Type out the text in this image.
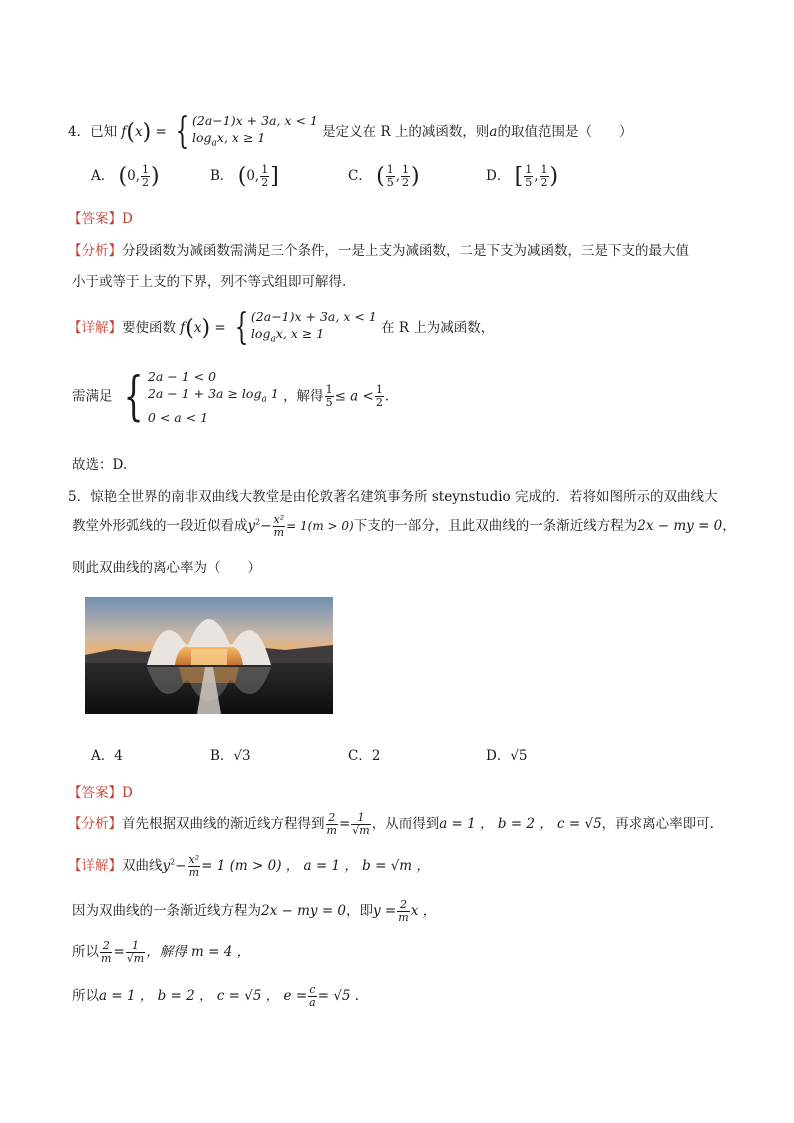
4．已知 f(x) = { (2a−1)x + 3a, x < 1
$\log_ax$, x ≥ 1	是定义在 R 上的减函数，则a的取值范围是（　　）
A． (0, $\frac{1}{2}$ )	B． (0, $\frac{1}{2}$ ]	C． ( $\frac{1}{5}$ , $\frac{1}{2}$ )	D． [ $\frac{1}{5}$ , $\frac{1}{2}$ )
【答案】D
【分析】分段函数为减函数需满足三个条件，一是上支为减函数，二是下支为减函数，三是下支的最大值
小于或等于上支的下界，列不等式组即可解得.
【详解】要使函数 f(x) = { (2a−1)x + 3a, x < 1
$\log_ax$, x ≥ 1	在 R 上为减函数，
需满足 { 2a − 1 < 0
$2a - 1 + 3a \ge \log_a 1$
0 < a < 1
，解得 $\frac{1}{5} \le a < \frac{1}{2}$ .
故选：D.
5．惊艳全世界的南非双曲线大教堂是由伦敦著名建筑事务所 steynstudio 完成的．若将如图所示的双曲线大
教堂外形弧线的一段近似看成$y^2- \frac{\text{x²}}{m} = 1(m > 0)$下支的一部分，且此双曲线的一条渐近线方程为2x − my = 0，
则此双曲线的离心率为（　　）
A．4	B．√3	C．2	D．√5
【答案】D
【分析】首先根据双曲线的渐近线方程得到 $\frac{2}{m} = \frac{1}{√m}$ ，从而得到a = 1 ， b = 2 ， c = √5，再求离心率即可.
【详解】双曲线$y^2- \frac{\text{x²}}{m} = 1$ (m > 0) ， a = 1 ， b = √m ，
因为双曲线的一条渐近线方程为2x − my = 0，即$y = \frac{2}{m}$ x ，
所以 $\frac{2}{m} = \frac{1}{√m}$ ，解得 m = 4 ，
所以a = 1 ， b = 2 ， c = √5 ， $e = \frac{c}{a} = √5$ .
